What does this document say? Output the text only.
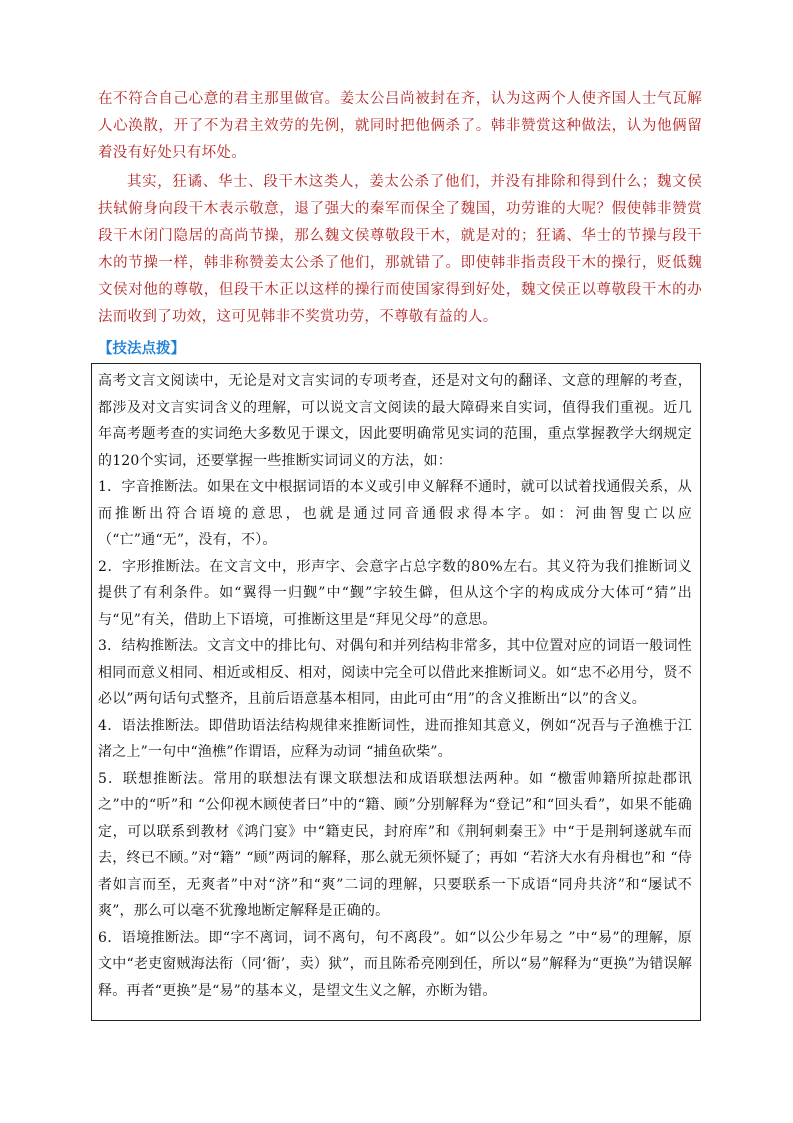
在不符合自己心意的君主那里做官。姜太公吕尚被封在齐，认为这两个人使齐国人士气瓦解人心涣散，开了不为君主效劳的先例，就同时把他俩杀了。韩非赞赏这种做法，认为他俩留着没有好处只有坏处。

其实，狂谲、华士、段干木这类人，姜太公杀了他们，并没有排除和得到什么；魏文侯扶轼俯身向段干木表示敬意，退了强大的秦军而保全了魏国，功劳谁的大呢？假使韩非赞赏段干木闭门隐居的高尚节操，那么魏文侯尊敬段干木，就是对的；狂谲、华士的节操与段干木的节操一样，韩非称赞姜太公杀了他们，那就错了。即使韩非指责段干木的操行，贬低魏文侯对他的尊敬，但段干木正以这样的操行而使国家得到好处，魏文侯正以尊敬段干木的办法而收到了功效，这可见韩非不奖赏功劳，不尊敬有益的人。

【技法点拨】

高考文言文阅读中，无论是对文言实词的专项考查，还是对文句的翻译、文意的理解的考查，都涉及对文言实词含义的理解，可以说文言文阅读的最大障碍来自实词，值得我们重视。近几年高考题考查的实词绝大多数见于课文，因此要明确常见实词的范围，重点掌握教学大纲规定的120个实词，还要掌握一些推断实词词义的方法，如：

1．字音推断法。如果在文中根据词语的本义或引申义解释不通时，就可以试着找通假关系，从而推断出符合语境的意思，也就是通过同音通假求得本字。如：河曲智叟亡以应（“亡”通“无”，没有，不）。

2．字形推断法。在文言文中，形声字、会意字占总字数的80%左右。其义符为我们推断词义提供了有利条件。如“翼得一归觐”中“觐”字较生僻，但从这个字的构成成分大体可“猜”出与“见”有关，借助上下语境，可推断这里是“拜见父母”的意思。

3．结构推断法。文言文中的排比句、对偶句和并列结构非常多，其中位置对应的词语一般词性相同而意义相同、相近或相反、相对，阅读中完全可以借此来推断词义。如“忠不必用兮，贤不必以”两句话句式整齐，且前后语意基本相同，由此可由“用”的含义推断出“以”的含义。

4．语法推断法。即借助语法结构规律来推断词性，进而推知其意义，例如“况吾与子渔樵于江渚之上”一句中“渔樵”作谓语，应释为动词 “捕鱼砍柴”。

5．联想推断法。常用的联想法有课文联想法和成语联想法两种。如 “檄雷帅籍所掠赴郡讯之”中的“听”和 “公仰视木顾使者曰”中的“籍、顾”分别解释为“登记”和“回头看”，如果不能确定，可以联系到教材《鸿门宴》中“籍吏民，封府库”和《荆轲刺秦王》中“于是荆轲遂就车而去，终已不顾。”对“籍” “顾”两词的解释，那么就无须怀疑了；再如 “若济大水有舟楫也”和 “侍者如言而至，无爽者”中对“济”和“爽”二词的理解，只要联系一下成语“同舟共济”和“屡试不爽”，那么可以毫不犹豫地断定解释是正确的。

6．语境推断法。即“字不离词，词不离句，句不离段”。如“以公少年易之 ”中“易”的理解，原文中“老吏窗贼海法衔（同‘衙’，卖）狱”，而且陈希亮刚到任，所以“易”解释为“更换”为错误解释。再者“更换”是“易”的基本义，是望文生义之解，亦断为错。
